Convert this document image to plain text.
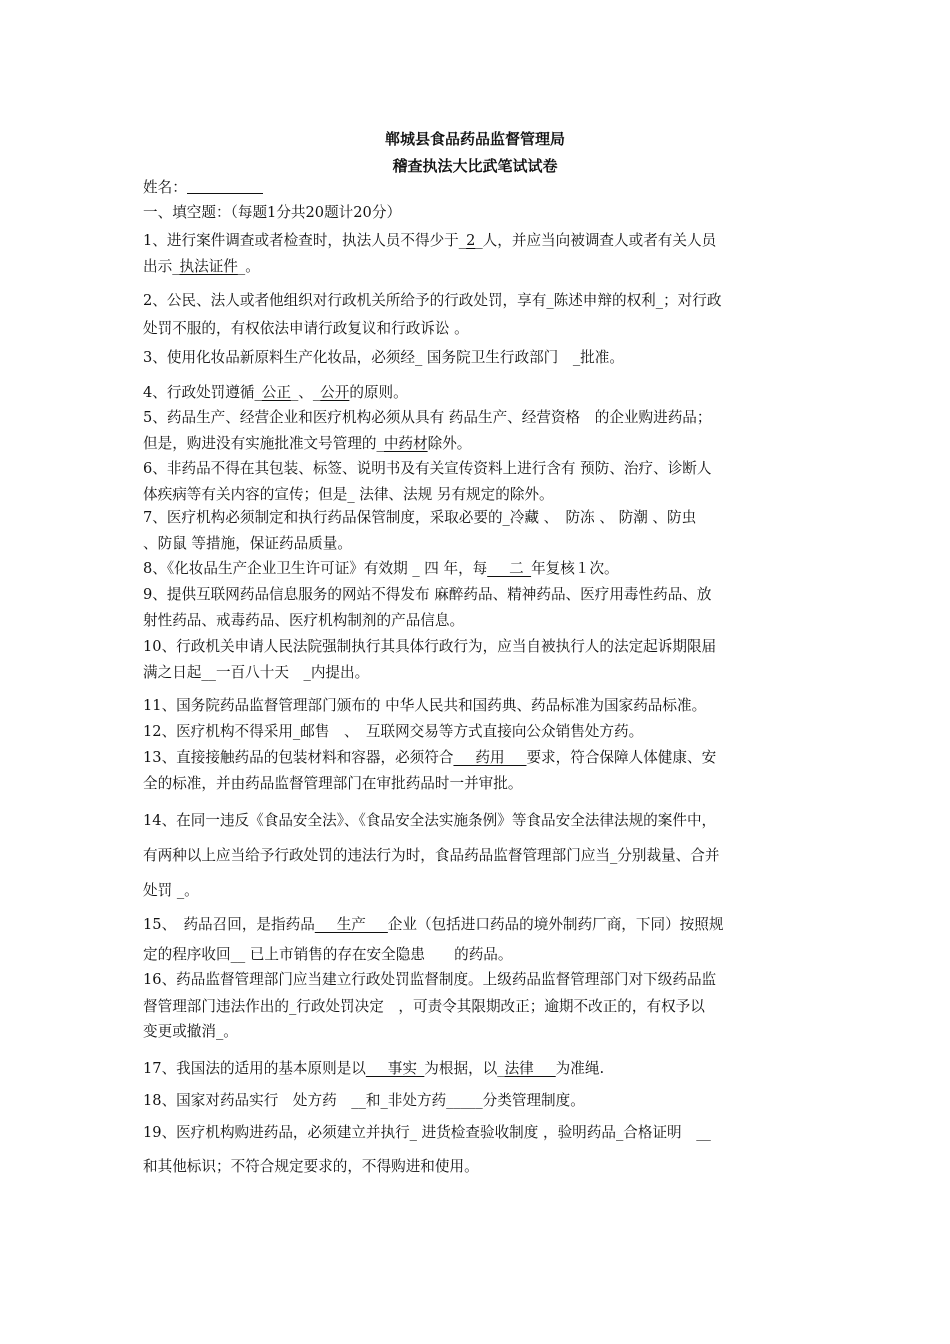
郸城县食品药品监督管理局
稽查执法大比武笔试试卷
姓名：
一、填空题：（每题1分共20题计20分）
1、进行案件调查或者检查时，执法人员不得少于_2_人，并应当向被调查人或者有关人员
出示_执法证件_。
2、公民、法人或者他组织对行政机关所给予的行政处罚，享有_陈述申辩的权利_；对行政
处罚不服的，有权依法申请行政复议和行政诉讼 。
3、使用化妆品新原料生产化妆品，必须经_ 国务院卫生行政部门　_批准。
4、行政处罚遵循_公正_、_公开的原则。
5、药品生产、经营企业和医疗机构必须从具有 药品生产、经营资格　的企业购进药品；
但是，购进没有实施批准文号管理的_中药材除外。
6、非药品不得在其包装、标签、说明书及有关宣传资料上进行含有 预防、治疗、诊断人
体疾病等有关内容的宣传；但是_ 法律、法规 另有规定的除外。
7、医疗机构必须制定和执行药品保管制度，采取必要的_冷藏 、　防冻 、 防潮 、防虫
、防鼠 等措施，保证药品质量。
8、《化妆品生产企业卫生许可证》有效期 _ 四 年，每___二_年复核１次。
9、提供互联网药品信息服务的网站不得发布 麻醉药品、精神药品、医疗用毒性药品、放
射性药品、戒毒药品、医疗机构制剂的产品信息。
10、行政机关申请人民法院强制执行其具体行政行为，应当自被执行人的法定起诉期限届
满之日起__一百八十天　_内提出。
11、国务院药品监督管理部门颁布的 中华人民共和国药典、药品标准为国家药品标准。
12、医疗机构不得采用_邮售　、　互联网交易等方式直接向公众销售处方药。
13、直接接触药品的包装材料和容器，必须符合___药用___要求，符合保障人体健康、安
全的标准，并由药品监督管理部门在审批药品时一并审批。
14、在同一违反《食品安全法》、《食品安全法实施条例》等食品安全法律法规的案件中，
有两种以上应当给予行政处罚的违法行为时，食品药品监督管理部门应当_分别裁量、合并
处罚 _。
15、　药品召回，是指药品___生产___企业（包括进口药品的境外制药厂商，下同）按照规
定的程序收回__ 已上市销售的存在安全隐患　　的药品。
16、药品监督管理部门应当建立行政处罚监督制度。上级药品监督管理部门对下级药品监
督管理部门违法作出的_行政处罚决定　，可责令其限期改正；逾期不改正的，有权予以
变更或撤消_。
17、我国法的适用的基本原则是以___事实_为根据，以_法律___为准绳.
18、国家对药品实行　处方药　__和_非处方药_____分类管理制度。
19、医疗机构购进药品，必须建立并执行_ 进货检查验收制度 ，验明药品_合格证明　__
和其他标识；不符合规定要求的，不得购进和使用。
